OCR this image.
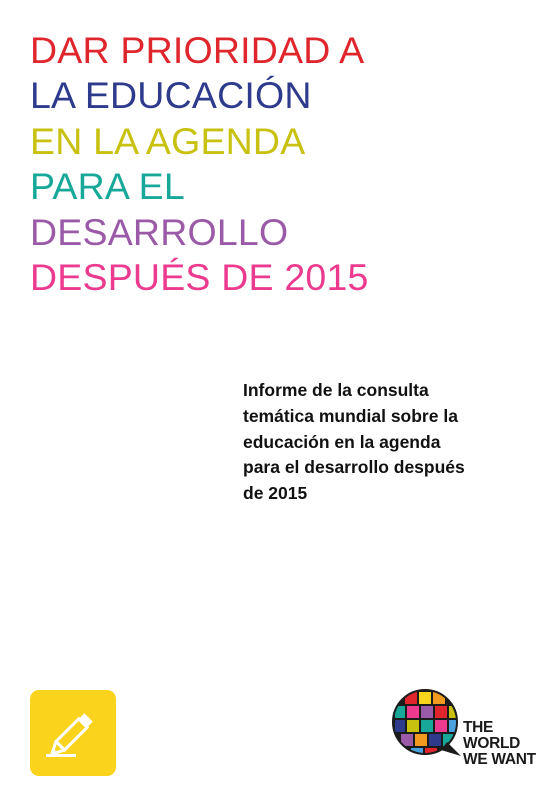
DAR PRIORIDAD A
LA EDUCACIÓN
EN LA AGENDA
PARA EL
DESARROLLO
DESPUÉS DE 2015

Informe de la consulta
temática mundial sobre la
educación en la agenda
para el desarrollo después
de 2015

THE
WORLD
WE WANT
